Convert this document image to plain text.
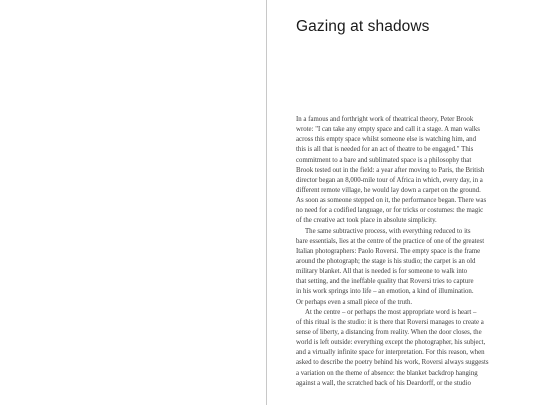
Gazing at shadows
In a famous and forthright work of theatrical theory, Peter Brook
wrote: "I can take any empty space and call it a stage. A man walks
across this empty space whilst someone else is watching him, and
this is all that is needed for an act of theatre to be engaged." This
commitment to a bare and sublimated space is a philosophy that
Brook tested out in the field: a year after moving to Paris, the British
director began an 8,000-mile tour of Africa in which, every day, in a
different remote village, he would lay down a carpet on the ground.
As soon as someone stepped on it, the performance began. There was
no need for a codified language, or for tricks or costumes: the magic
of the creative act took place in absolute simplicity.
The same subtractive process, with everything reduced to its
bare essentials, lies at the centre of the practice of one of the greatest
Italian photographers: Paolo Roversi. The empty space is the frame
around the photograph; the stage is his studio; the carpet is an old
military blanket. All that is needed is for someone to walk into
that setting, and the ineffable quality that Roversi tries to capture
in his work springs into life – an emotion, a kind of illumination.
Or perhaps even a small piece of the truth.
At the centre – or perhaps the most appropriate word is heart –
of this ritual is the studio: it is there that Roversi manages to create a
sense of liberty, a distancing from reality. When the door closes, the
world is left outside: everything except the photographer, his subject,
and a virtually infinite space for interpretation. For this reason, when
asked to describe the poetry behind his work, Roversi always suggests
a variation on the theme of absence: the blanket backdrop hanging
against a wall, the scratched back of his Deardorff, or the studio
